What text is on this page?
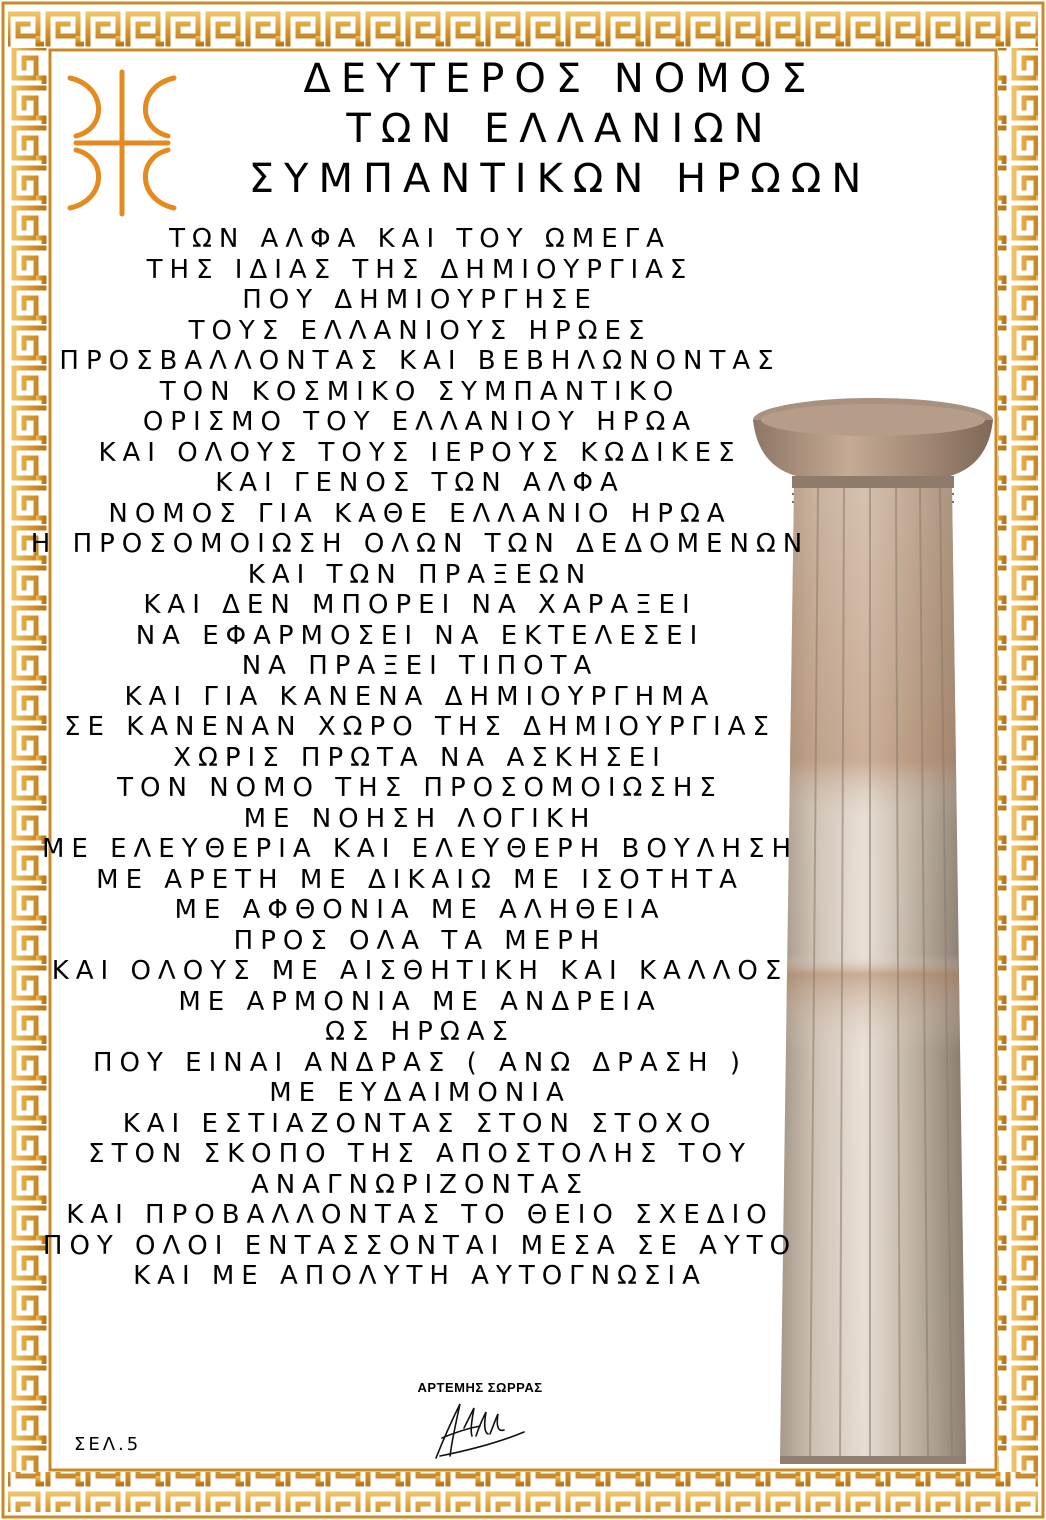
ΔΕΥΤΕΡΟΣ ΝΟΜΟΣ
ΤΩΝ ΕΛΛΑΝΙΩΝ
ΣΥΜΠΑΝΤΙΚΩΝ ΗΡΩΩΝ
ΤΩΝ ΑΛΦΑ ΚΑΙ ΤΟΥ ΩΜΕΓΑ
ΤΗΣ ΙΔΙΑΣ ΤΗΣ ΔΗΜΙΟΥΡΓΙΑΣ
ΠΟΥ ΔΗΜΙΟΥΡΓΗΣΕ
ΤΟΥΣ ΕΛΛΑΝΙΟΥΣ ΗΡΩΕΣ
ΠΡΟΣΒΑΛΛΟΝΤΑΣ ΚΑΙ ΒΕΒΗΛΩΝΟΝΤΑΣ
ΤΟΝ ΚΟΣΜΙΚΟ ΣΥΜΠΑΝΤΙΚΟ
ΟΡΙΣΜΟ ΤΟΥ ΕΛΛΑΝΙΟΥ ΗΡΩΑ
ΚΑΙ ΟΛΟΥΣ ΤΟΥΣ ΙΕΡΟΥΣ ΚΩΔΙΚΕΣ
ΚΑΙ ΓΕΝΟΣ ΤΩΝ ΑΛΦΑ
ΝΟΜΟΣ ΓΙΑ ΚΑΘΕ ΕΛΛΑΝΙΟ ΗΡΩΑ
Η ΠΡΟΣΟΜΟΙΩΣΗ ΟΛΩΝ ΤΩΝ ΔΕΔΟΜΕΝΩΝ
ΚΑΙ ΤΩΝ ΠΡΑΞΕΩΝ
ΚΑΙ ΔΕΝ ΜΠΟΡΕΙ ΝΑ ΧΑΡΑΞΕΙ
ΝΑ ΕΦΑΡΜΟΣΕΙ ΝΑ ΕΚΤΕΛΕΣΕΙ
ΝΑ ΠΡΑΞΕΙ ΤΙΠΟΤΑ
ΚΑΙ ΓΙΑ ΚΑΝΕΝΑ ΔΗΜΙΟΥΡΓΗΜΑ
ΣΕ ΚΑΝΕΝΑΝ ΧΩΡΟ ΤΗΣ ΔΗΜΙΟΥΡΓΙΑΣ
ΧΩΡΙΣ ΠΡΩΤΑ ΝΑ ΑΣΚΗΣΕΙ
ΤΟΝ ΝΟΜΟ ΤΗΣ ΠΡΟΣΟΜΟΙΩΣΗΣ
ΜΕ ΝΟΗΣΗ ΛΟΓΙΚΗ
ΜΕ ΕΛΕΥΘΕΡΙΑ ΚΑΙ ΕΛΕΥΘΕΡΗ ΒΟΥΛΗΣΗ
ΜΕ ΑΡΕΤΗ ΜΕ ΔΙΚΑΙΩ ΜΕ ΙΣΟΤΗΤΑ
ΜΕ ΑΦΘΟΝΙΑ ΜΕ ΑΛΗΘΕΙΑ
ΠΡΟΣ ΟΛΑ ΤΑ ΜΕΡΗ
ΚΑΙ ΟΛΟΥΣ ΜΕ ΑΙΣΘΗΤΙΚΗ ΚΑΙ ΚΑΛΛΟΣ
ΜΕ ΑΡΜΟΝΙΑ ΜΕ ΑΝΔΡΕΙΑ
ΩΣ ΗΡΩΑΣ
ΠΟΥ ΕΙΝΑΙ ΑΝΔΡΑΣ ( ΑΝΩ ΔΡΑΣΗ )
ΜΕ ΕΥΔΑΙΜΟΝΙΑ
ΚΑΙ ΕΣΤΙΑΖΟΝΤΑΣ ΣΤΟΝ ΣΤΟΧΟ
ΣΤΟΝ ΣΚΟΠΟ ΤΗΣ ΑΠΟΣΤΟΛΗΣ ΤΟΥ
ΑΝΑΓΝΩΡΙΖΟΝΤΑΣ
ΚΑΙ ΠΡΟΒΑΛΛΟΝΤΑΣ ΤΟ ΘΕΙΟ ΣΧΕΔΙΟ
ΠΟΥ ΟΛΟΙ ΕΝΤΑΣΣΟΝΤΑΙ ΜΕΣΑ ΣΕ ΑΥΤΟ
ΚΑΙ ΜΕ ΑΠΟΛΥΤΗ ΑΥΤΟΓΝΩΣΙΑ
ΑΡΤΕΜΗΣ ΣΩΡΡΑΣ
ΣΕΛ.5
